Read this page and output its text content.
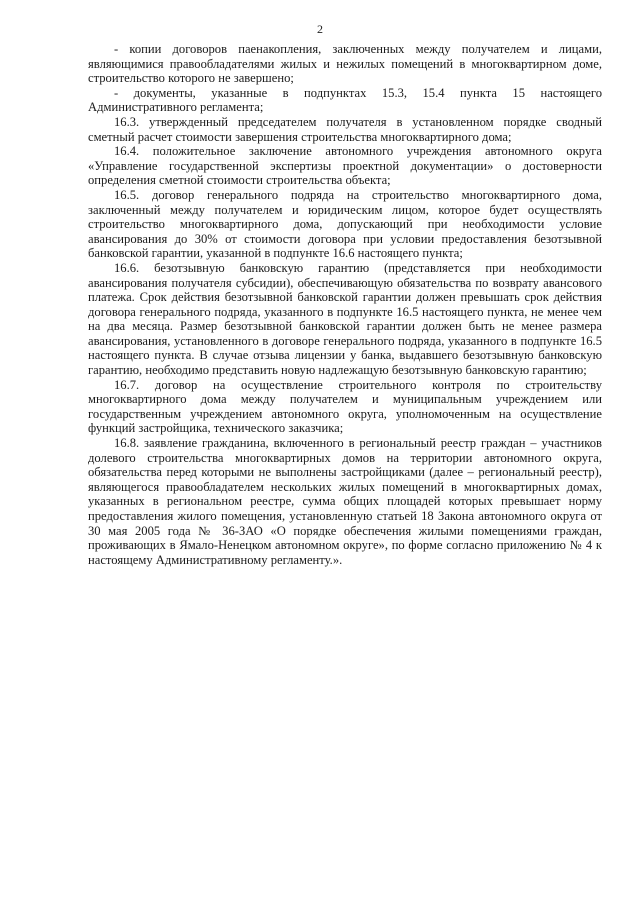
2

- копии договоров паенакопления, заключенных между получателем и лицами, являющимися правообладателями жилых и нежилых помещений в многоквартирном доме, строительство которого не завершено;

- документы, указанные в подпунктах 15.3, 15.4 пункта 15 настоящего Административного регламента;

16.3. утвержденный председателем получателя в установленном порядке сводный сметный расчет стоимости завершения строительства многоквартирного дома;

16.4. положительное заключение автономного учреждения автономного округа «Управление государственной экспертизы проектной документации» о достоверности определения сметной стоимости строительства объекта;

16.5. договор генерального подряда на строительство многоквартирного дома, заключенный между получателем и юридическим лицом, которое будет осуществлять строительство многоквартирного дома, допускающий при необходимости условие авансирования до 30% от стоимости договора при условии предоставления безотзывной банковской гарантии, указанной в подпункте 16.6 настоящего пункта;

16.6. безотзывную банковскую гарантию (представляется при необходимости авансирования получателя субсидии), обеспечивающую обязательства по возврату авансового платежа. Срок действия безотзывной банковской гарантии должен превышать срок действия договора генерального подряда, указанного в подпункте 16.5 настоящего пункта, не менее чем на два месяца. Размер безотзывной банковской гарантии должен быть не менее размера авансирования, установленного в договоре генерального подряда, указанного в подпункте 16.5 настоящего пункта. В случае отзыва лицензии у банка, выдавшего безотзывную банковскую гарантию, необходимо представить новую надлежащую безотзывную банковскую гарантию;

16.7. договор на осуществление строительного контроля по строительству многоквартирного дома между получателем и муниципальным учреждением или государственным учреждением автономного округа, уполномоченным на осуществление функций застройщика, технического заказчика;

16.8. заявление гражданина, включенного в региональный реестр граждан – участников долевого строительства многоквартирных домов на территории автономного округа, обязательства перед которыми не выполнены застройщиками (далее – региональный реестр), являющегося правообладателем нескольких жилых помещений в многоквартирных домах, указанных в региональном реестре, сумма общих площадей которых превышает норму предоставления жилого помещения, установленную статьей 18 Закона автономного округа от 30 мая 2005 года № 36-ЗАО «О порядке обеспечения жилыми помещениями граждан, проживающих в Ямало-Ненецком автономном округе», по форме согласно приложению № 4 к настоящему Административному регламенту.».
